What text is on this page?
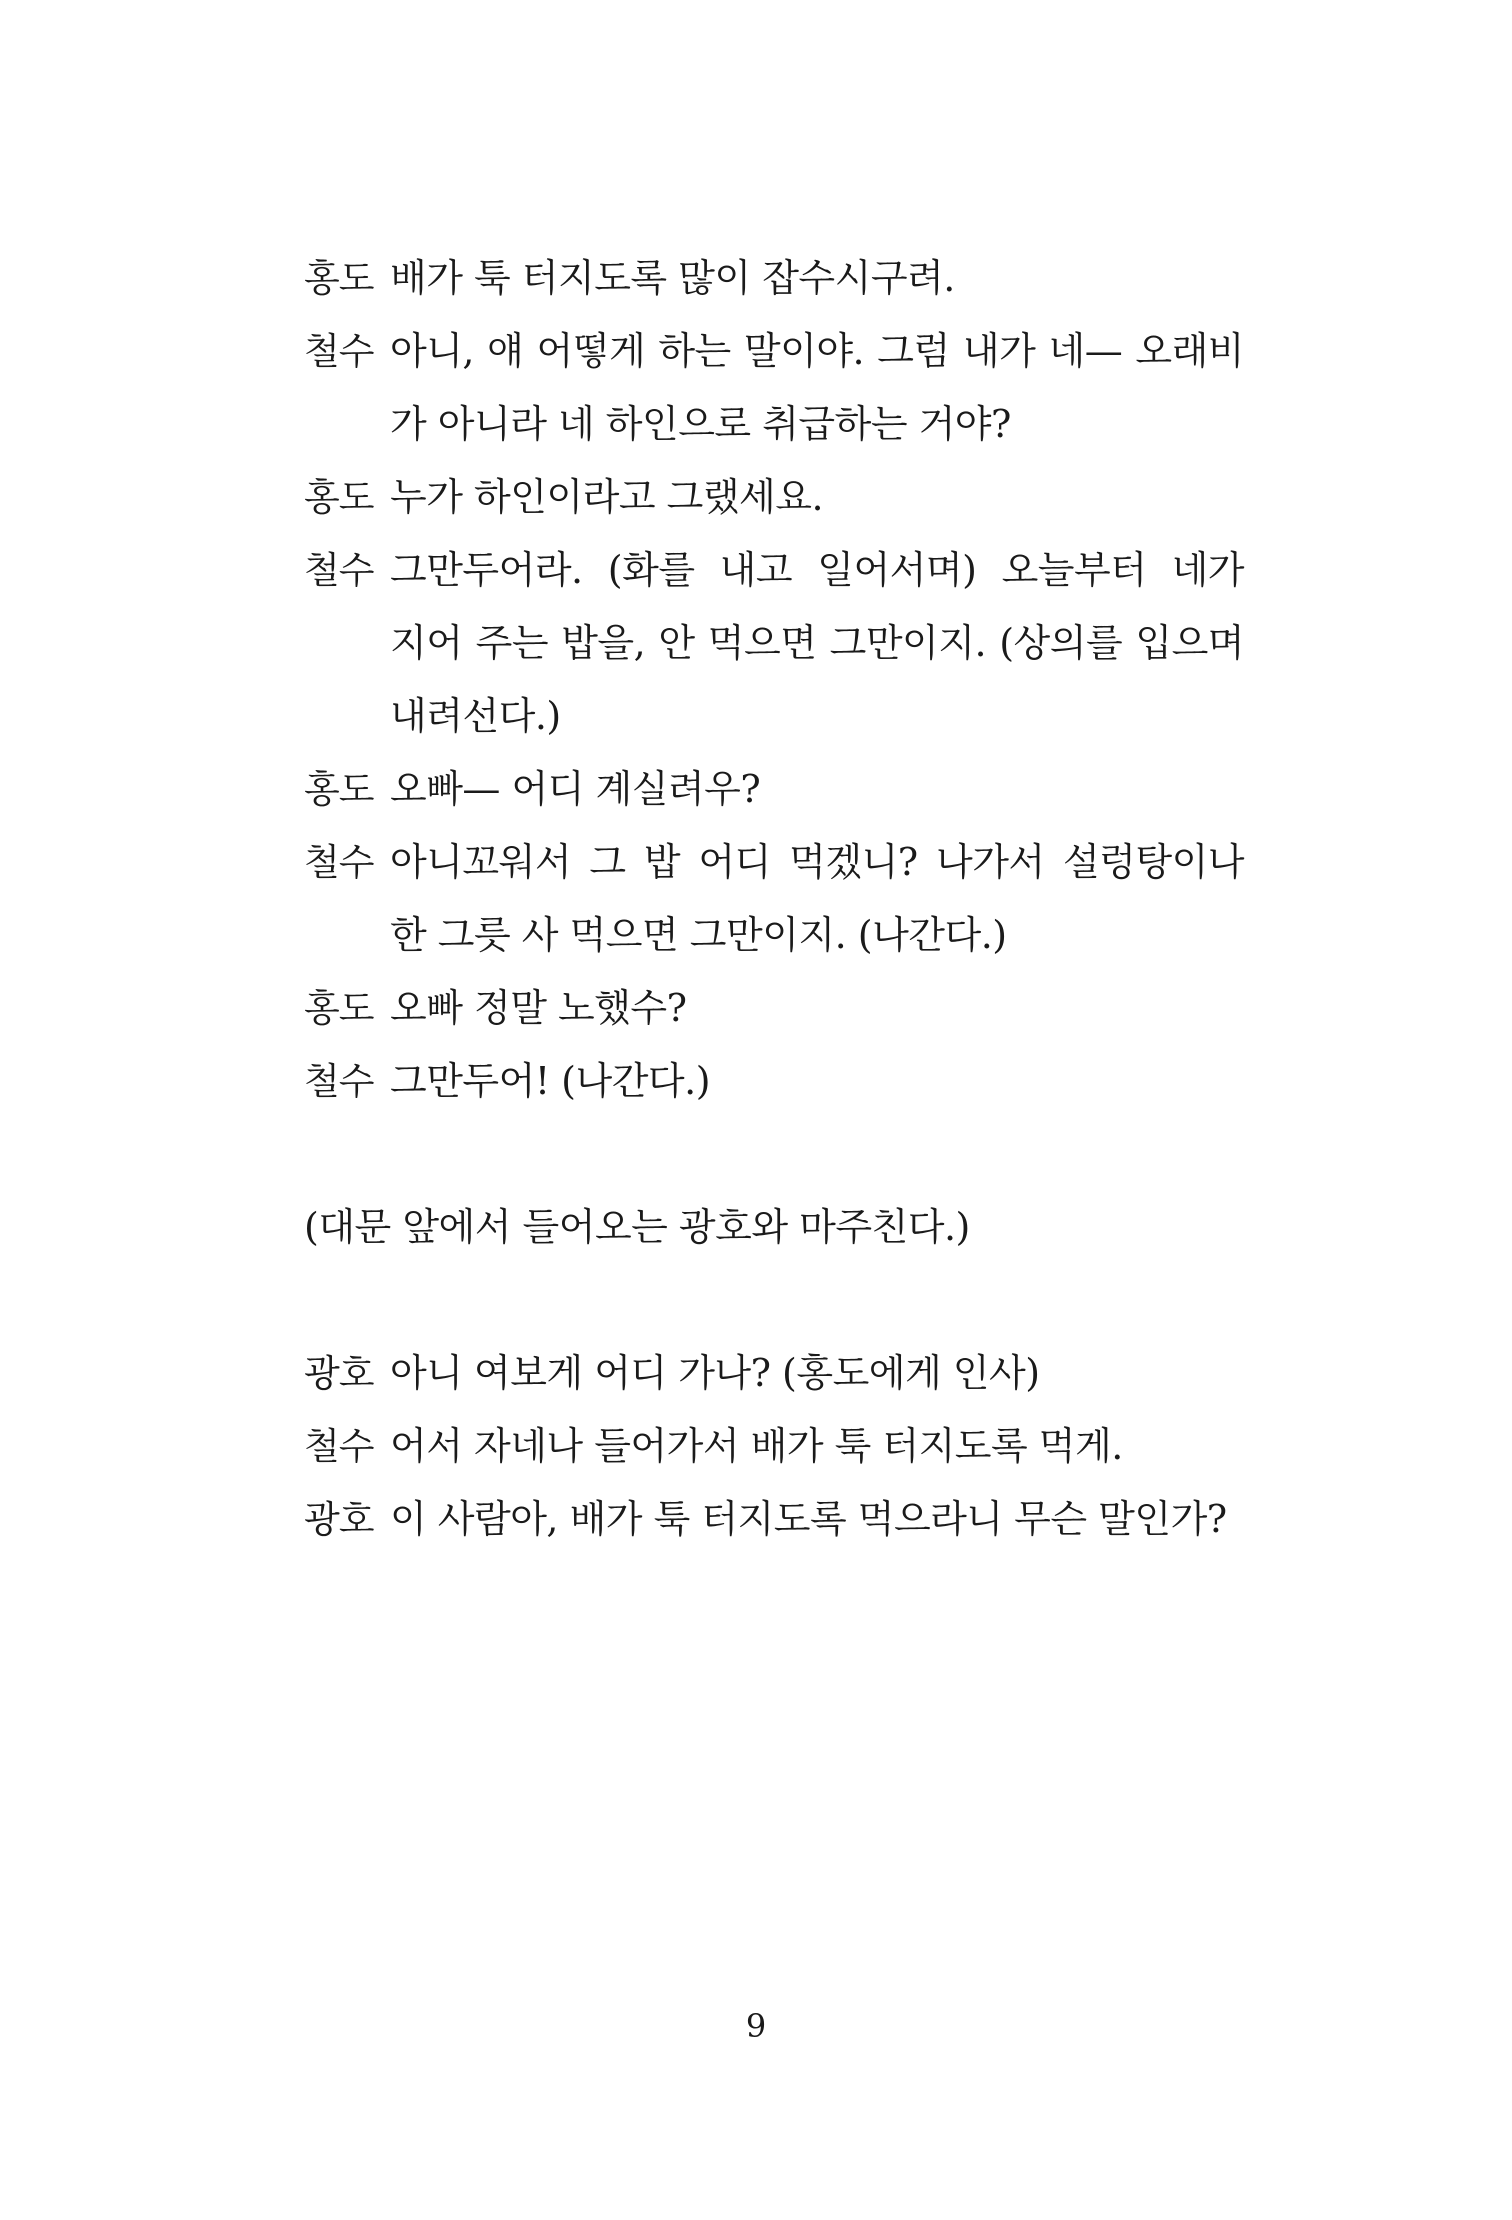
홍도 배가 툭 터지도록 많이 잡수시구려.
철수 아니, 얘 어떻게 하는 말이야. 그럼 내가 네— 오래비 가 아니라 네 하인으로 취급하는 거야?
홍도 누가 하인이라고 그랬세요.
철수 그만두어라. (화를 내고 일어서며) 오늘부터 네가 지어 주는 밥을, 안 먹으면 그만이지. (상의를 입으며 내려선다.)
홍도 오빠— 어디 계실려우?
철수 아니꼬워서 그 밥 어디 먹겠니? 나가서 설렁탕이나 한 그릇 사 먹으면 그만이지. (나간다.)
홍도 오빠 정말 노했수?
철수 그만두어! (나간다.)
(대문 앞에서 들어오는 광호와 마주친다.)
광호 아니 여보게 어디 가나? (홍도에게 인사)
철수 어서 자네나 들어가서 배가 툭 터지도록 먹게.
광호 이 사람아, 배가 툭 터지도록 먹으라니 무슨 말인가?
9
